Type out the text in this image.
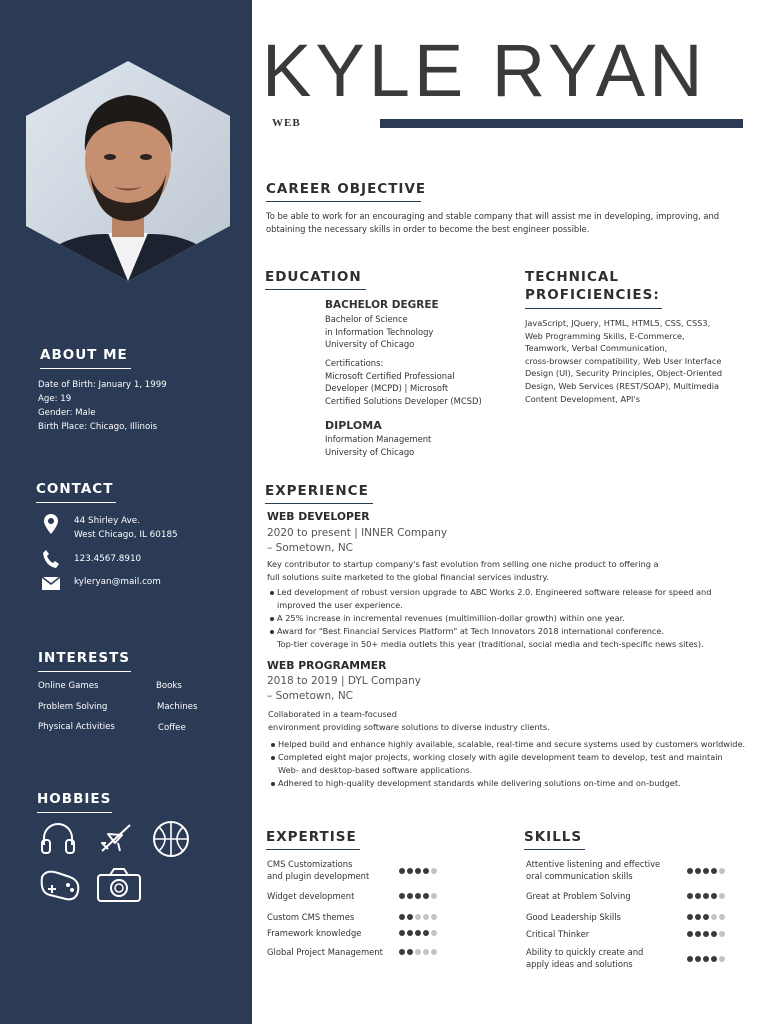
ABOUT ME
Date of Birth: January 1, 1999
Age: 19
Gender: Male
Birth Place: Chicago, Illinois
CONTACT
44 Shirley Ave.
West Chicago, IL 60185
123.4567.8910
kyleryan@mail.com
INTERESTS
Online Games
Problem Solving
Physical Activities
Books
Machines
Coffee
HOBBIES
KYLE RYAN
WEB
CAREER OBJECTIVE
To be able to work for an encouraging and stable company that will assist me in developing, improving, and
obtaining the necessary skills in order to become the best engineer possible.
EDUCATION
BACHELOR DEGREE
Bachelor of Science
in Information Technology
University of Chicago
Certifications:
Microsoft Certified Professional
Developer (MCPD) | Microsoft
Certified Solutions Developer (MCSD)
DIPLOMA
Information Management
University of Chicago
TECHNICAL
PROFICIENCIES:
JavaScript, JQuery, HTML, HTML5, CSS, CSS3,
Web Programming Skills, E-Commerce,
Teamwork, Verbal Communication,
cross-browser compatibility, Web User Interface
Design (UI), Security Principles, Object-Oriented
Design, Web Services (REST/SOAP), Multimedia
Content Development, API's
EXPERIENCE
WEB DEVELOPER
2020 to present | INNER Company
– Sometown, NC
Key contributor to startup company's fast evolution from selling one niche product to offering a
full solutions suite marketed to the global financial services industry.
Led development of robust version upgrade to ABC Works 2.0. Engineered software release for speed and
improved the user experience.
A 25% increase in incremental revenues (multimillion-dollar growth) within one year.
Award for "Best Financial Services Platform" at Tech Innovators 2018 international conference.
Top-tier coverage in 50+ media outlets this year (traditional, social media and tech-specific news sites).
WEB PROGRAMMER
2018 to 2019 | DYL Company
– Sometown, NC
Collaborated in a team-focused
environment providing software solutions to diverse industry clients.
Helped build and enhance highly available, scalable, real-time and secure systems used by customers worldwide.
Completed eight major projects, working closely with agile development team to develop, test and maintain
Web- and desktop-based software applications.
Adhered to high-quality development standards while delivering solutions on-time and on-budget.
EXPERTISE	SKILLS
CMS Customizations
and plugin development
Widget development
Custom CMS themes
Framework knowledge
Global Project Management
Attentive listening and effective
oral communication skills
Great at Problem Solving
Good Leadership Skills
Critical Thinker
Ability to quickly create and
apply ideas and solutions
